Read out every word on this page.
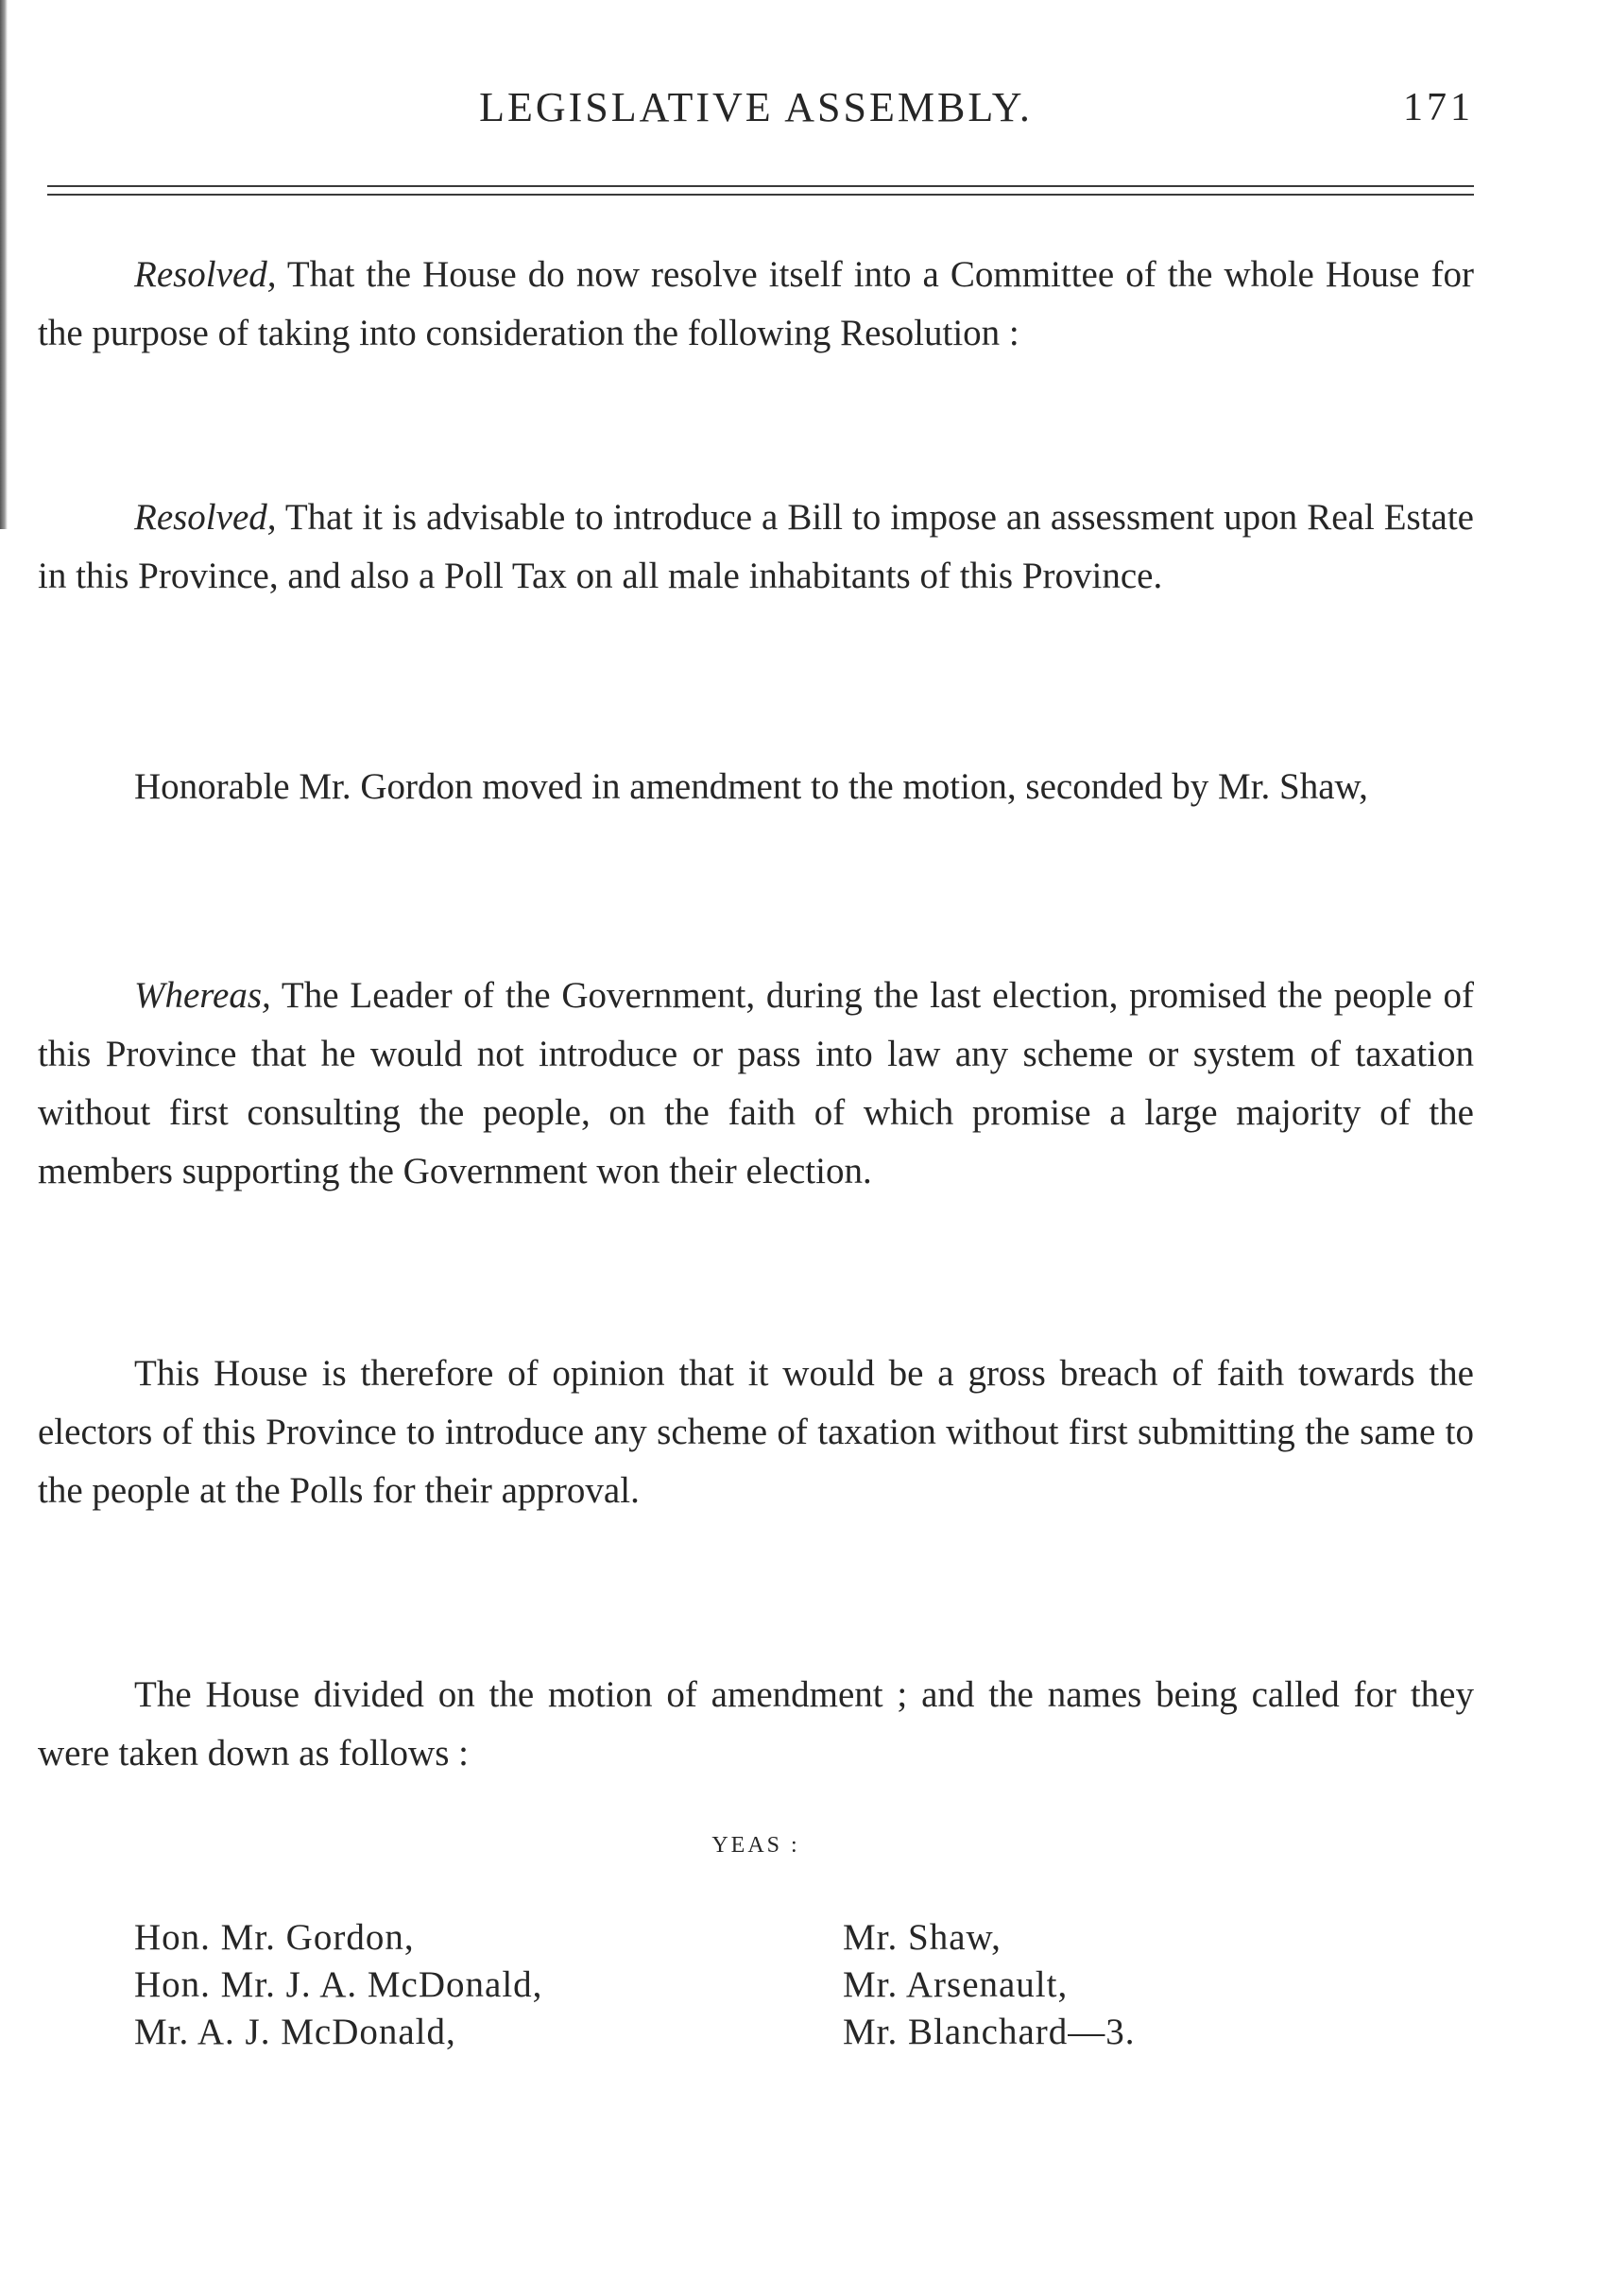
LEGISLATIVE ASSEMBLY.	171

Resolved, That the House do now resolve itself into a Committee of the whole House for the purpose of taking into consideration the following Resolution :

Resolved, That it is advisable to introduce a Bill to impose an assessment upon Real Estate in this Province, and also a Poll Tax on all male inhabitants of this Province.

Honorable Mr. Gordon moved in amendment to the motion, seconded by Mr. Shaw,

Whereas, The Leader of the Government, during the last election, promised the people of this Province that he would not introduce or pass into law any scheme or system of taxation without first consulting the people, on the faith of which promise a large majority of the members supporting the Government won their election.

This House is therefore of opinion that it would be a gross breach of faith towards the electors of this Province to introduce any scheme of taxation without first submitting the same to the people at the Polls for their approval.

The House divided on the motion of amendment ; and the names being called for they were taken down as follows :

YEAS :
Hon. Mr. Gordon,
Hon. Mr. J. A. McDonald,
Mr. A. J. McDonald,
Mr. Shaw,
Mr. Arsenault,
Mr. Blanchard—3.
